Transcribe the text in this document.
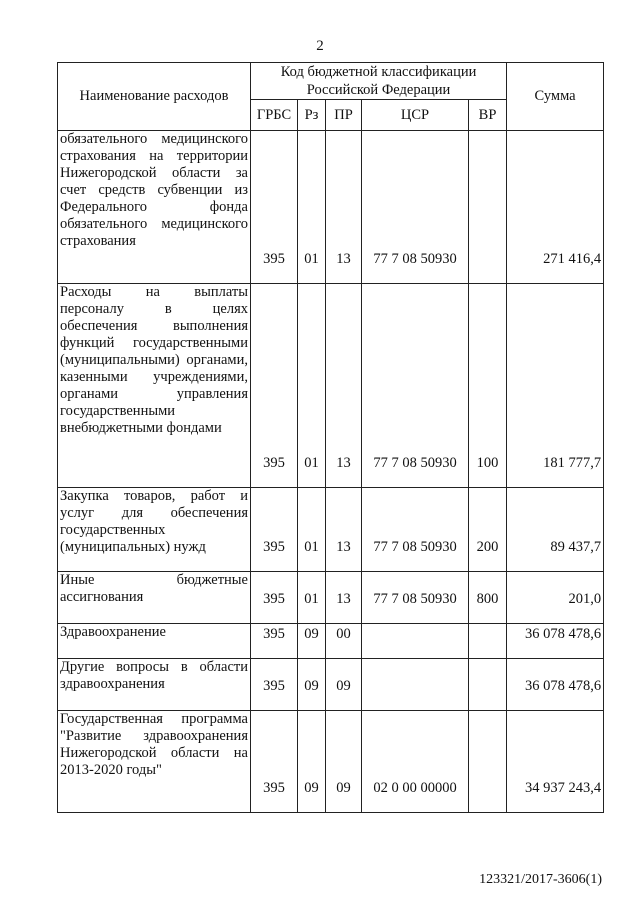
2
Наименование расходов	Код бюджетной классификации Российской Федерации					Сумма
	ГРБС	Рз	ПР	ЦСР	ВР	
обязательного медицинского страхования на территории Нижегородской области за счет средств субвенции из Федерального фонда обязательного медицинского страхования	395	01	13	77 7 08 50930		271 416,4

Расходы на выплаты персоналу в целях обеспечения выполнения функций государственными (муниципальными) органами, казенными учреждениями, органами управления государственными внебюджетными фондами	395	01	13	77 7 08 50930	100	181 777,7

Закупка товаров, работ и услуг для обеспечения государственных (муниципальных) нужд	395	01	13	77 7 08 50930	200	89 437,7

Иные бюджетные ассигнования	395	01	13	77 7 08 50930	800	201,0

Здравоохранение	395	09	00			36 078 478,6

Другие вопросы в области здравоохранения	395	09	09			36 078 478,6

Государственная программа "Развитие здравоохранения Нижегородской области на 2013-2020 годы"	395	09	09	02 0 00 00000		34 937 243,4

123321/2017-3606(1)
